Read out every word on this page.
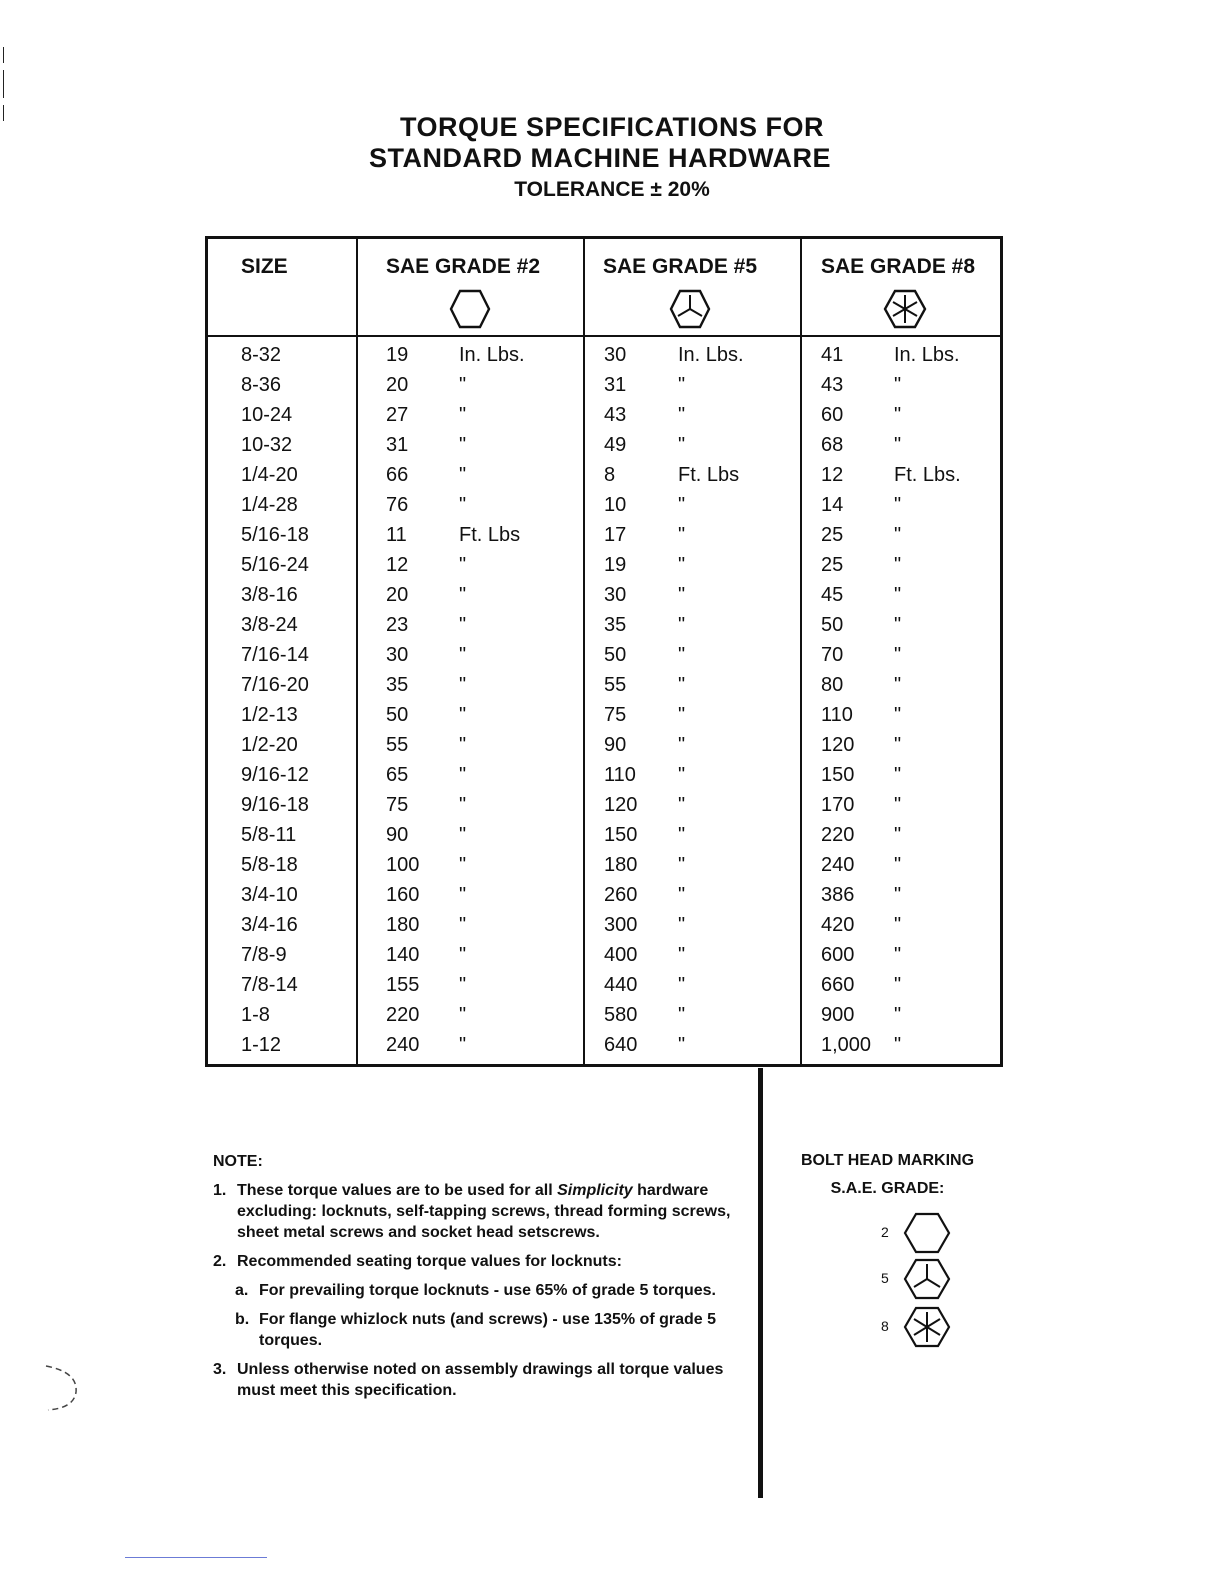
TORQUE SPECIFICATIONS FOR
STANDARD MACHINE HARDWARE
TOLERANCE ± 20%
SIZE	SAE GRADE #2	SAE GRADE #5	SAE GRADE #8
8-32	19	In. Lbs.	30	In. Lbs.	41	In. Lbs.
8-36	20	"	31	"	43	"
10-24	27	"	43	"	60	"
10-32	31	"	49	"	68	"
1/4-20	66	"	8	Ft. Lbs	12	Ft. Lbs.
1/4-28	76	"	10	"	14	"
5/16-18	11	Ft. Lbs	17	"	25	"
5/16-24	12	"	19	"	25	"
3/8-16	20	"	30	"	45	"
3/8-24	23	"	35	"	50	"
7/16-14	30	"	50	"	70	"
7/16-20	35	"	55	"	80	"
1/2-13	50	"	75	"	110 "
1/2-20	55	"	90	"	120 "
9/16-12	65	"	110 "	150 "
9/16-18	75	"	120 "	170 "
5/8-11	90	"	150 "	220 "
5/8-18	100 "	180 "	240 "
3/4-10	160 "	260 "	386 "
3/4-16	180 "	300 "	420 "
7/8-9	140 "	400 "	600 "
7/8-14	155 "	440 "	660 "
1-8	220 "	580 "	900 "
1-12	240 "	640 "	1,000 "
NOTE:
1. These torque values are to be used for all Simplicity hardware excluding: locknuts, self-tapping screws, thread forming screws, sheet metal screws and socket head setscrews.
2. Recommended seating torque values for locknuts:
a. For prevailing torque locknuts - use 65% of grade 5 torques.
b. For flange whizlock nuts (and screws) - use 135% of grade 5 torques.
3. Unless otherwise noted on assembly drawings all torque values must meet this specification.
BOLT HEAD MARKING
S.A.E. GRADE:
2
5
8
